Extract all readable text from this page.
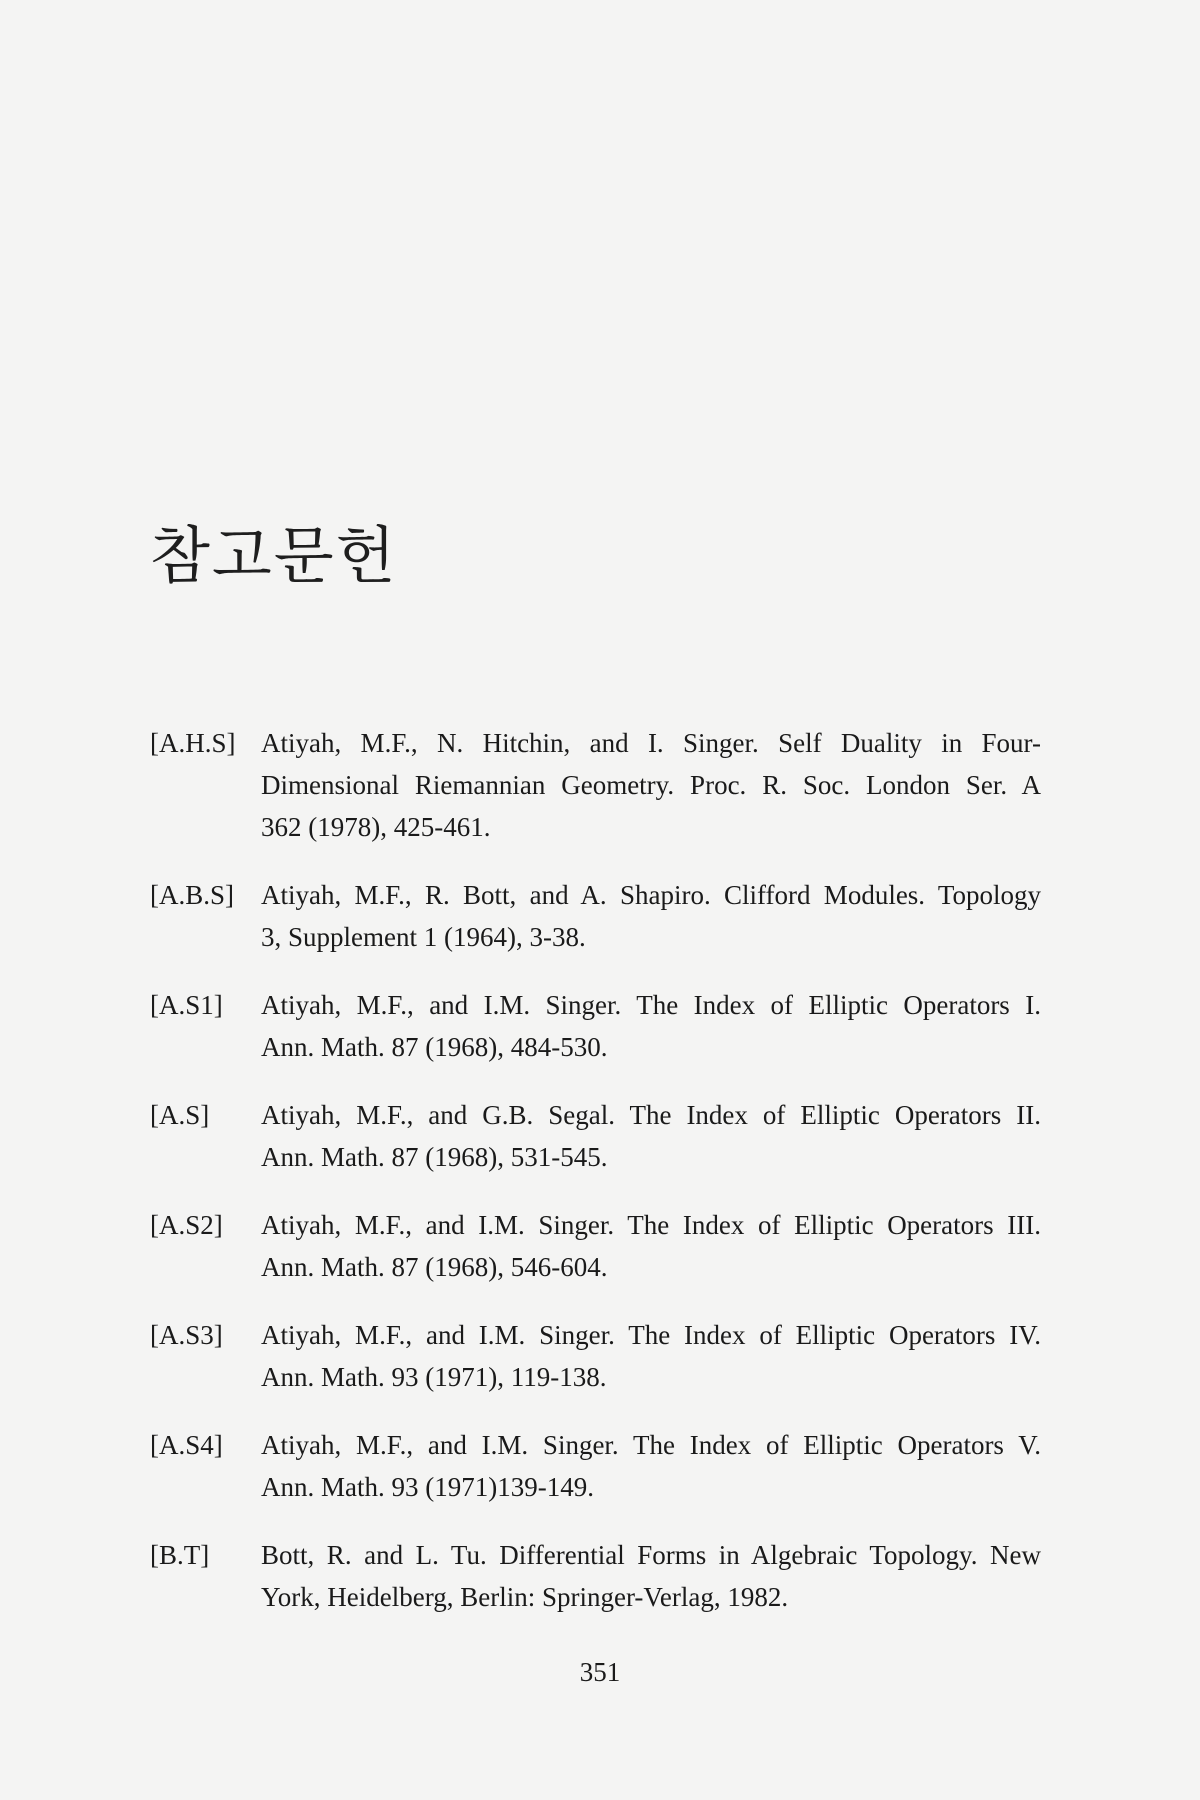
참고문헌
[A.H.S] Atiyah, M.F., N. Hitchin, and I. Singer. Self Duality in Four-
Dimensional Riemannian Geometry. Proc. R. Soc. London Ser. A
362 (1978), 425-461.
[A.B.S] Atiyah, M.F., R. Bott, and A. Shapiro. Clifford Modules. Topology
3, Supplement 1 (1964), 3-38.
[A.S1] Atiyah, M.F., and I.M. Singer. The Index of Elliptic Operators I.
Ann. Math. 87 (1968), 484-530.
[A.S] Atiyah, M.F., and G.B. Segal. The Index of Elliptic Operators II.
Ann. Math. 87 (1968), 531-545.
[A.S2] Atiyah, M.F., and I.M. Singer. The Index of Elliptic Operators III.
Ann. Math. 87 (1968), 546-604.
[A.S3] Atiyah, M.F., and I.M. Singer. The Index of Elliptic Operators IV.
Ann. Math. 93 (1971), 119-138.
[A.S4] Atiyah, M.F., and I.M. Singer. The Index of Elliptic Operators V.
Ann. Math. 93 (1971)139-149.
[B.T] Bott, R. and L. Tu. Differential Forms in Algebraic Topology. New
York, Heidelberg, Berlin: Springer-Verlag, 1982.
351
